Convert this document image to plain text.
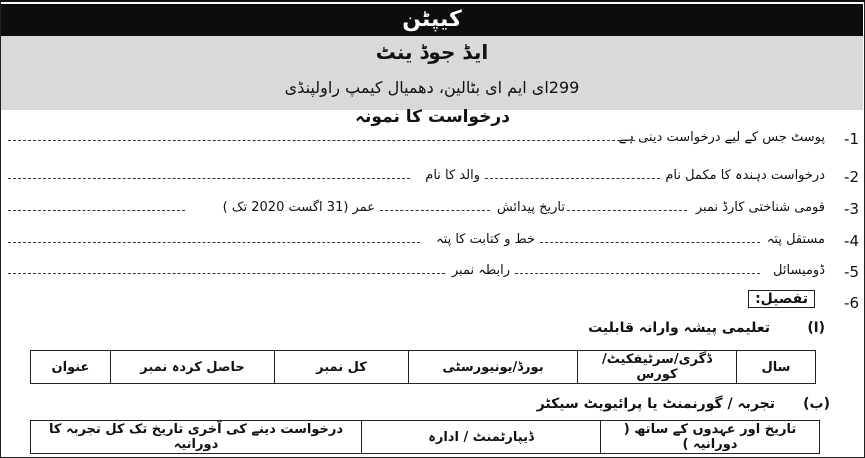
کیپٹن
ایڈ جوڈ ینٹ
299ای ایم ای بٹالین، دھمیال کیمپ راولپنڈی
درخواست کا نمونہ
1-
پوسٹ جس کے لیے درخواست دینی ہے
2-
درخواست دہندہ کا مکمل نام
والد کا نام
3-
قومی شناختی کارڈ نمبر
تاریخ پیدائش
عمر (31 اگست 2020 تک )
4-
مستقل پتہ
خط و کتابت کا پتہ
5-
ڈومیسائل
رابطہ نمبر
6-
تفصیل:
(ا)
تعلیمی پیشہ وارانہ قابلیت
سال	ڈگری/سرٹیفکیٹ/ کورس	بورڈ/یونیورسٹی	کل نمبر	حاصل کردہ نمبر	عنوان
(ب)
تجربہ / گورنمنٹ یا پرائیویٹ سیکٹر
تاریخ اور عہدوں کے ساتھ ( دورانیہ )	ڈیپارٹمنٹ / ادارہ	درخواست دینے کی آخری تاریخ تک کل تجربہ کا دورانیہ
